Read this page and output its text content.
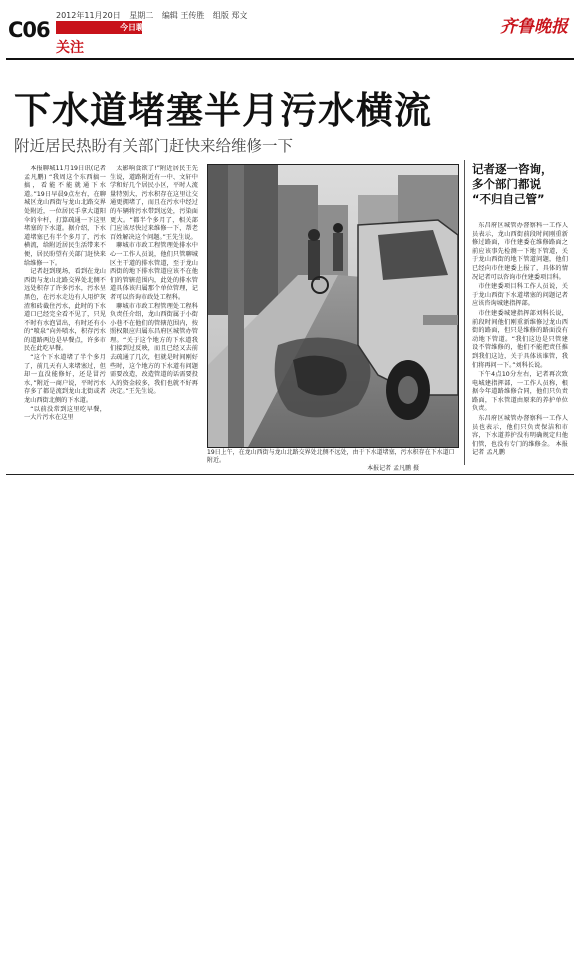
C06
2012年11月20日 星期二 编辑 王传胜 组版 郑文
今日聊城
关注
齐鲁晚报
下水道堵塞半月污水横流
附近居民热盼有关部门赶快来给维修一下

本报聊城11月19日讯(记者 孟凡鹏) “我周这个东西搞一搞，看能不能就通下水道。”19日早晨9点左右，在聊城区龙山西街与龙山北路交界处附近，一位居民手拿大道阳伞的伞杆，打算疏通一下这里堵塞的下水道。据介绍，下水道堵塞已有半个多月了，污水横流，给附近居民生活带来不便，居民盼望有关部门赶快来给维修一下。

记者赶到现场，看到在龙山西街与龙山北路交界处北侧不远处积存了许多污水，污水呈黑色，在污水走边有人用炉灰渣和砖截住污水，此时的下水道口已经完全看不见了，只见不时有水泡冒出，有时还有小的“喷泉”向外喷水，积存污水的道路两边是早餐点，许多市民在此吃早餐。

“这个下水道堵了半个多月了，前几天有人来堵塞过，但却一直没能修好，还是冒污水，”附近一商户说，平时污水存多了都是流到龙山北街或者龙山西街北侧的下水道。

“以前没常到这里吃早餐，一大片污水在这里

太影响食欲了!”附近居民王先生说，道路附近有一中、文轩中学和好几个居民小区，平时人流量特别大，污水积存在这里让交通更拥堵了，而且在污水中经过的车辆将污水带到远处，污染面更大。“都半个多月了，相关部门应该尽快过来维修一下，帮老百姓解决这个问题。”王先生说。

聊城市市政工程管理处排水中心一工作人员说，他们只管聊城区主干道的排水管道，至于龙山西街的地下排水管道应该不在他们的管辖范围内，此处的排水管道具体该归属那个单位管理，记者可以咨询市政处工程科。

聊城市市政工程管理处工程科负责任介绍，龙山西街属于小街小巷不在他们的管辖范围内，按照权限应归属东昌府区城管办管理。“关于这个地方的下水道我们接到过反映，而且已经又去前去疏通了几次，但就是时间刚好些时，这个地方的下水道有问题需要改造，改造管道的话需要投入的资金较多，我们也就不好再决定。”王先生说。

19日上午，在龙山西街与龙山北路交界处北侧不远处，由于下水道堵塞，污水积存在下水道口附近。
本报记者 孟凡鹏 摄
记者逐一咨询，
多个部门都说
“不归自己管”

东昌府区城管办督察科一工作人员表示，龙山西街前段时间刚重新修过路面，市住建委在维修路面之前应该事先检测一下地下管道，关于龙山西街的地下管道问题，他们已经向市住建委上报了，具体的情况记者可以咨询市住建委项目科。

市住建委项目科工作人员说，关于龙山西街下水道堵塞的问题记者应该咨询城建指挥部。

市住建委城建指挥部刘科长说，前段时间他们刚重新维修过龙山西街的路面，但只是维修的路面没有动地下管道。“我们这边是只管建设不管维修的，他们不能把责任推到我们这边，关于具体该谁管，我们将再问一下。”刘科长说。

下午4点10分左右，记者再次致电城建指挥部，一工作人员称，根据今年道路维修合同，他们只负责路面，下水管道由原来的养护单位负责。

东昌府区城管办督察科一工作人员也表示，他们只负责保洁和市容，下水道养护没有明确规定归他们管，也没有专门的维修金。 本报记者 孟凡鹏
